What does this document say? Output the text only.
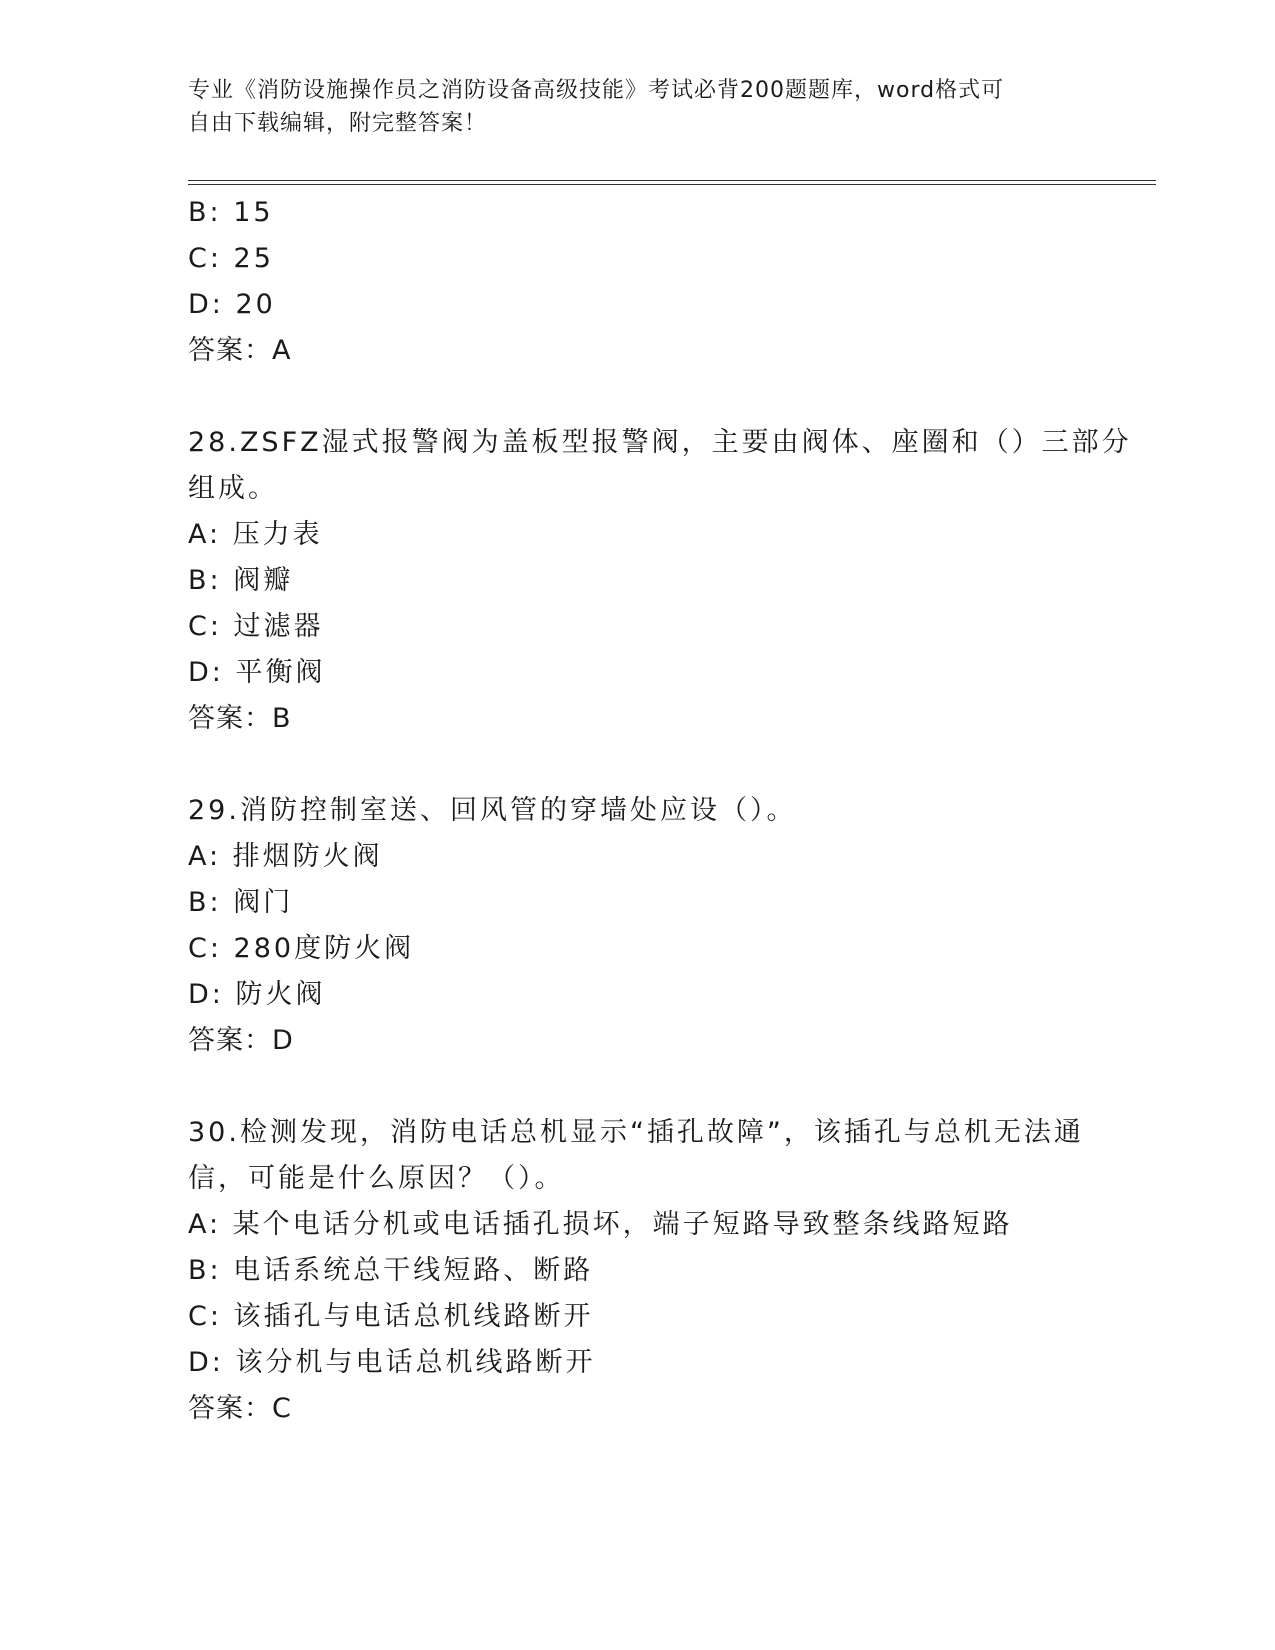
专业《消防设施操作员之消防设备高级技能》考试必背200题题库，word格式可
自由下载编辑，附完整答案！
B: 15
C: 25
D: 20
答案：A
28.ZSFZ湿式报警阀为盖板型报警阀，主要由阀体、座圈和（）三部分
组成。
A: 压力表
B: 阀瓣
C: 过滤器
D: 平衡阀
答案：B
29.消防控制室送、回风管的穿墙处应设（）。
A: 排烟防火阀
B: 阀门
C: 280度防火阀
D: 防火阀
答案：D
30.检测发现，消防电话总机显示“插孔故障”，该插孔与总机无法通
信，可能是什么原因？（）。
A: 某个电话分机或电话插孔损坏，端子短路导致整条线路短路
B: 电话系统总干线短路、断路
C: 该插孔与电话总机线路断开
D: 该分机与电话总机线路断开
答案：C
